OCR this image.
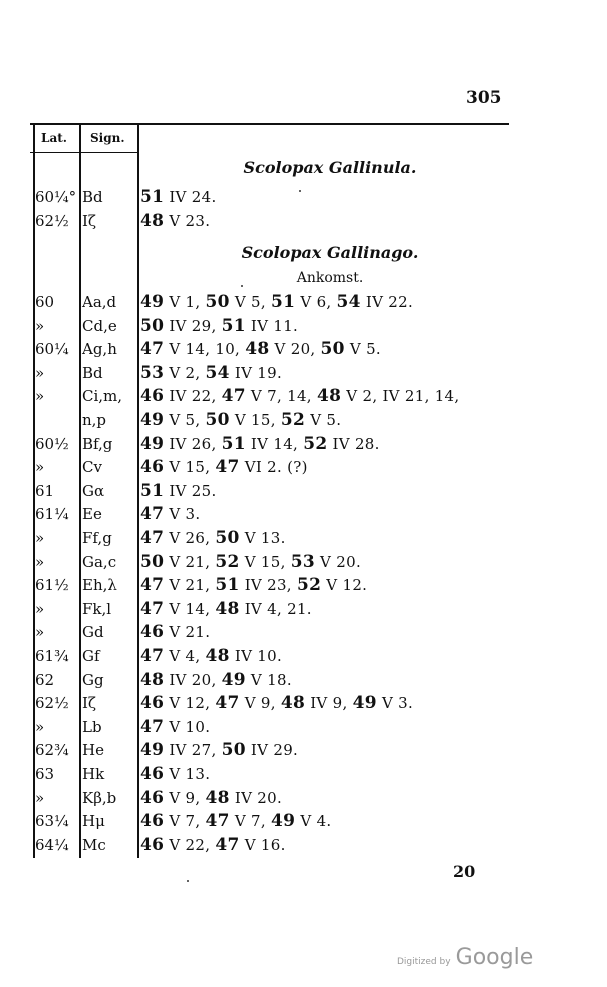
305
Lat. Sign.
Scolopax Gallinula.
60¼° Bd 51 IV 24.
62½ Iζ	48 V 23.
Scolopax Gallinago.
Ankomst.
60 Aa,d 49 V 1, 50 V 5, 51 V 6, 54 IV 22.
»	Cd,e 50 IV 29, 51 IV 11.
60¼ Ag,h 47 V 14, 10, 48 V 20, 50 V 5.
»	Bd 53 V 2, 54 IV 19.
»	Ci,m, 46 IV 22, 47 V 7, 14, 48 V 2, IV 21, 14,
n,p 49 V 5, 50 V 15, 52 V 5.
60½ Bf,g 49 IV 26, 51 IV 14, 52 IV 28.
»	Cv 46 V 15, 47 VI 2. (?)
61 Gα 51 IV 25.
61¼ Ee 47 V 3.
»	Ff,g 47 V 26, 50 V 13.
»	Ga,c 50 V 21, 52 V 15, 53 V 20.
61½ Eh,λ 47 V 21, 51 IV 23, 52 V 12.
»	Fk,l 47 V 14, 48 IV 4, 21.
»	Gd 46 V 21.
61¾ Gf 47 V 4, 48 IV 10.
62 Gg 48 IV 20, 49 V 18.
62½ Iζ	46 V 12, 47 V 9, 48 IV 9, 49 V 3.
»	Lb 47 V 10.
62¾ He 49 IV 27, 50 IV 29.
63 Hk 46 V 13.
»	Kβ,b 46 V 9, 48 IV 20.
63¼ Hμ 46 V 7, 47 V 7, 49 V 4.
64¼ Mc 46 V 22, 47 V 16.
20
Digitized by Google
